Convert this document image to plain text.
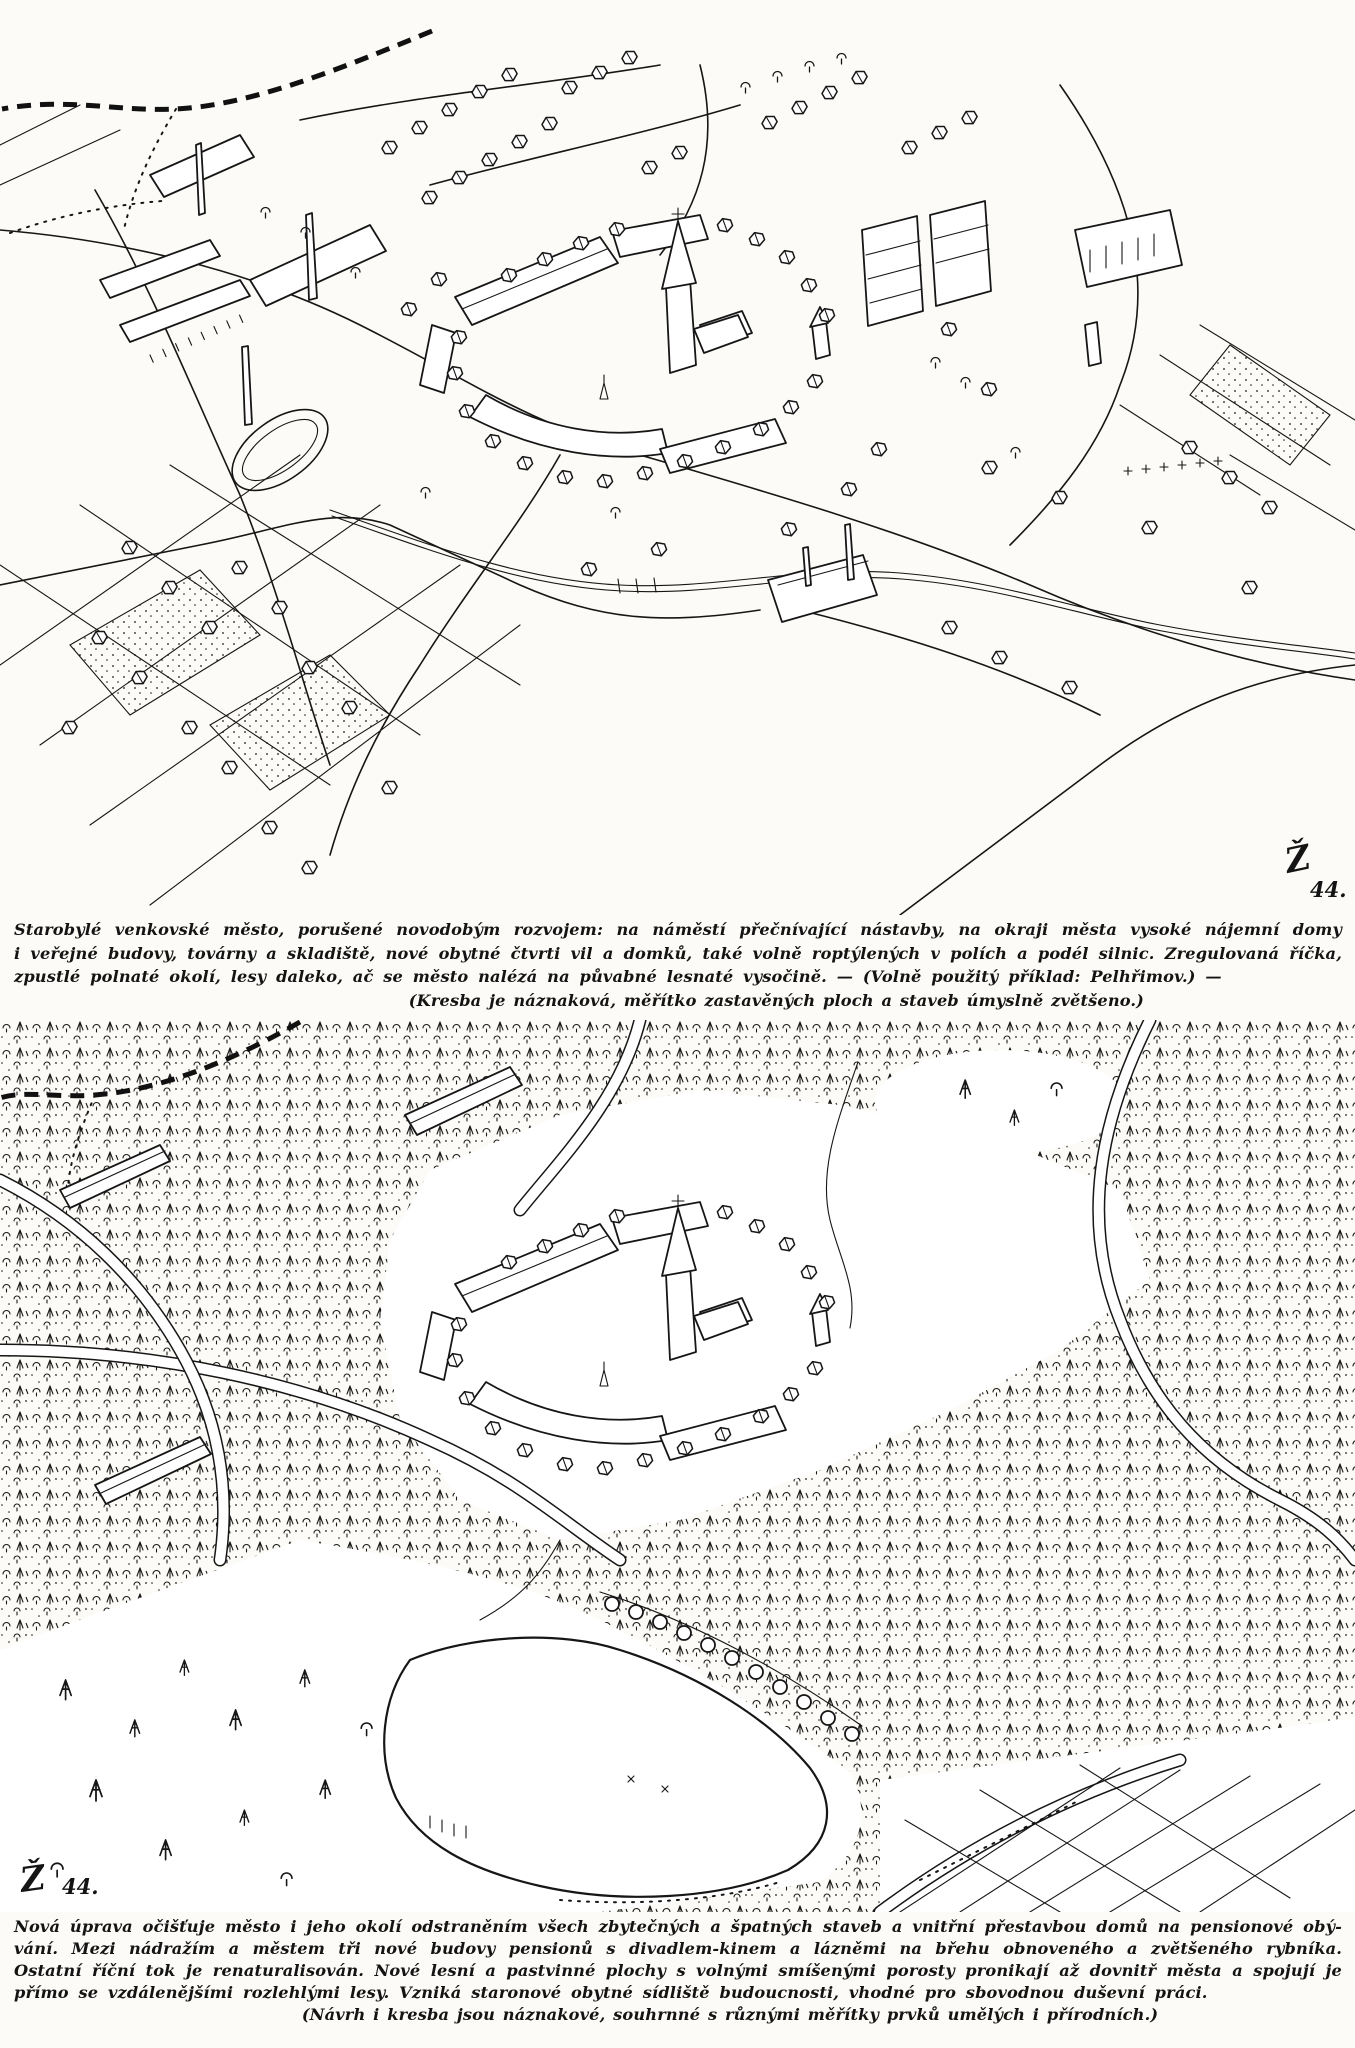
Ž
44.
Starobylé venkovské město, porušené novodobým rozvojem: na náměstí přečnívající nástavby, na okraji města vysoké nájemní domy
i veřejné budovy, továrny a skladiště, nové obytné čtvrti vil a domků, také volně roptýlených v polích a podél silnic. Zregulovaná říčka,
zpustlé polnaté okolí, lesy daleko, ač se město nalézá na půvabné lesnaté vysočině. — (Volně použitý příklad: Pelhřimov.) —
(Kresba je náznaková, měřítko zastavěných ploch a staveb úmyslně zvětšeno.)
Ž 44.
Nová úprava očišťuje město i jeho okolí odstraněním všech zbytečných a špatných staveb a vnitřní přestavbou domů na pensionové obý-
vání. Mezi nádražím a městem tři nové budovy pensionů s divadlem-kinem a lázněmi na břehu obnoveného a zvětšeného rybníka.
Ostatní říční tok je renaturalisován. Nové lesní a pastvinné plochy s volnými smíšenými porosty pronikají až dovnitř města a spojují je
přímo se vzdálenějšími rozlehlými lesy. Vzniká staronové obytné sídliště budoucnosti, vhodné pro sbovodnou duševní práci.
(Návrh i kresba jsou náznakové, souhrnné s různými měřítky prvků umělých i přírodních.)
